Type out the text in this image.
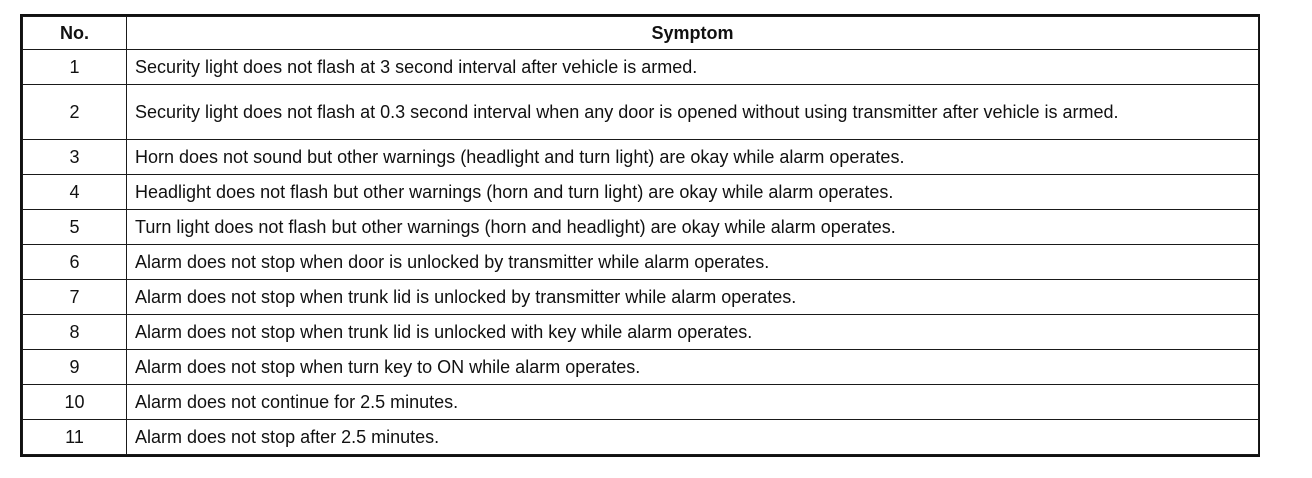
No.	Symptom
1	Security light does not flash at 3 second interval after vehicle is armed.
2	Security light does not flash at 0.3 second interval when any door is opened without using transmitter after vehicle is armed.
3	Horn does not sound but other warnings (headlight and turn light) are okay while alarm operates.
4	Headlight does not flash but other warnings (horn and turn light) are okay while alarm operates.
5	Turn light does not flash but other warnings (horn and headlight) are okay while alarm operates.
6	Alarm does not stop when door is unlocked by transmitter while alarm operates.
7	Alarm does not stop when trunk lid is unlocked by transmitter while alarm operates.
8	Alarm does not stop when trunk lid is unlocked with key while alarm operates.
9	Alarm does not stop when turn key to ON while alarm operates.
10	Alarm does not continue for 2.5 minutes.
11	Alarm does not stop after 2.5 minutes.
